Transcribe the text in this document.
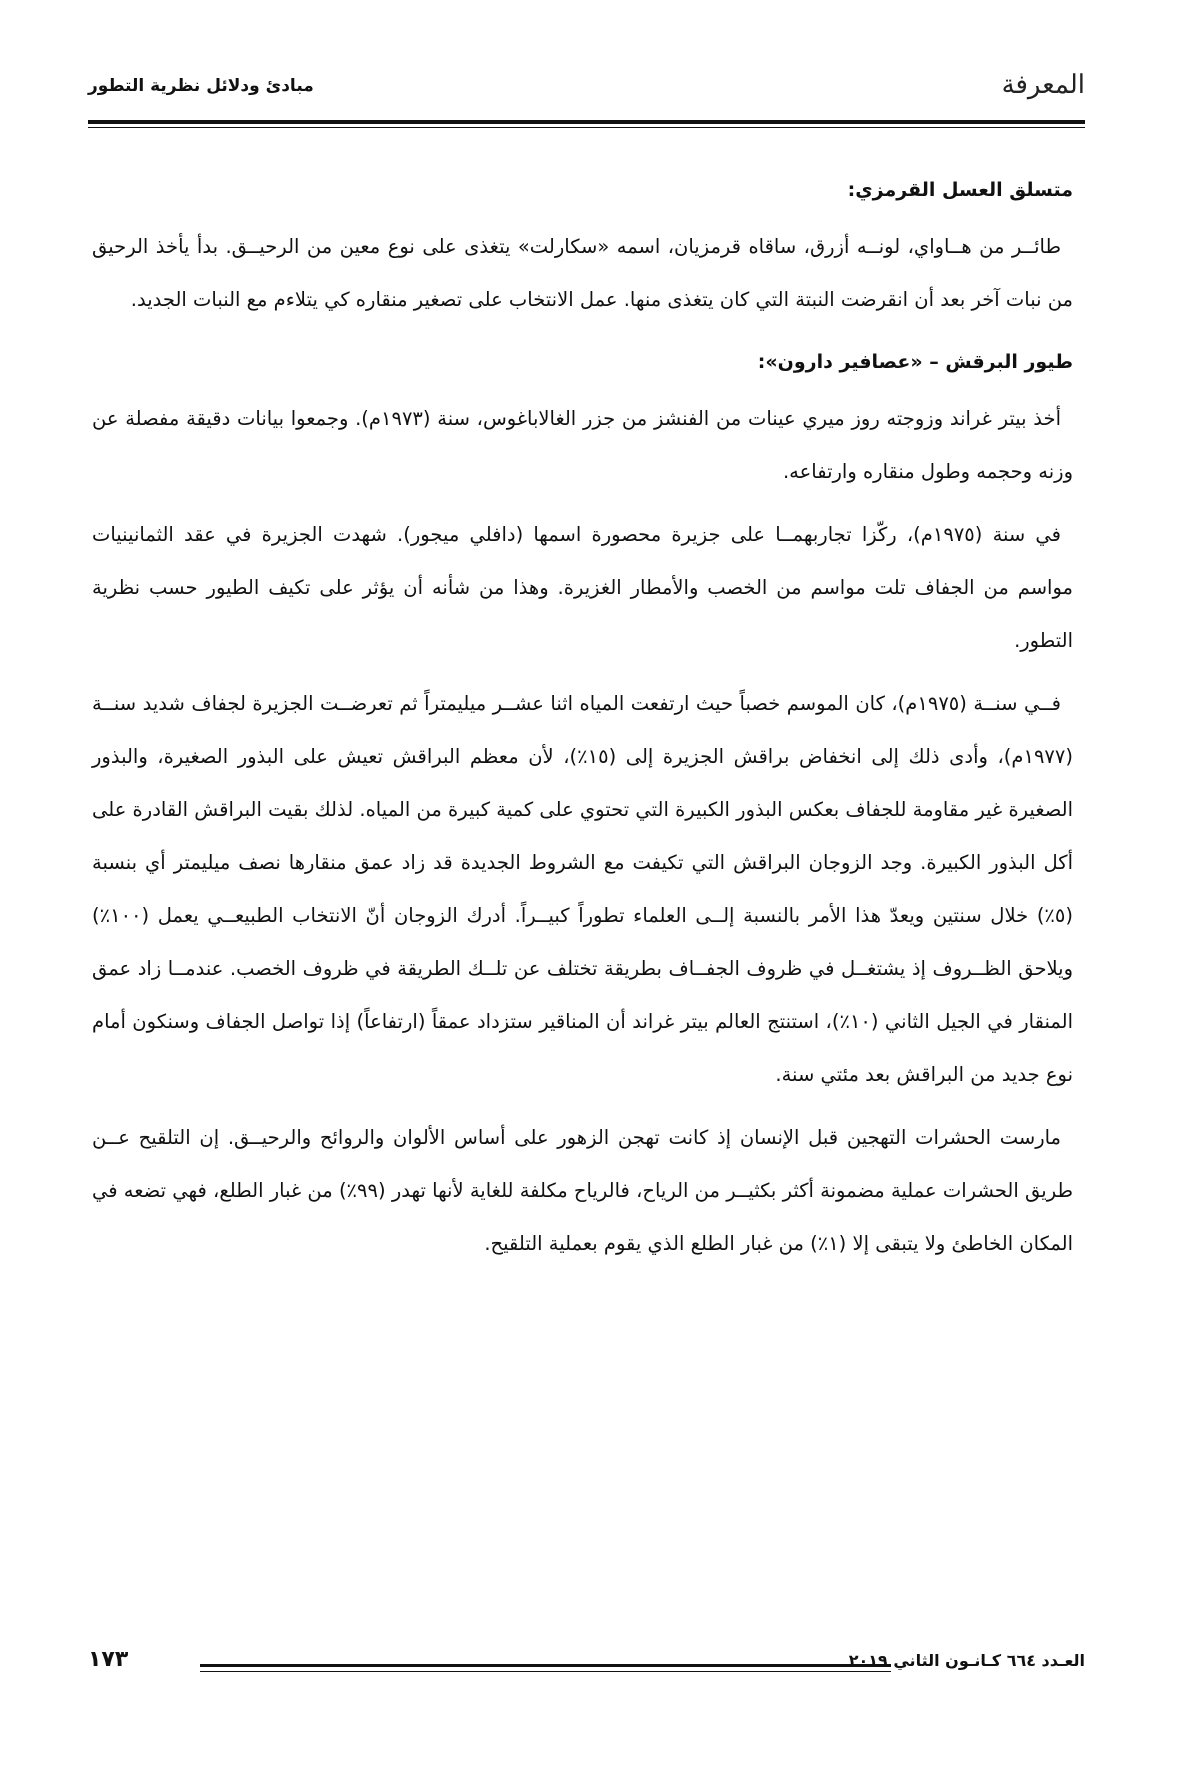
المعرفة
مبادئ ودلائل نظرية التطور
متسلق العسل القرمزي:

طائــر من هــاواي، لونــه أزرق، ساقاه قرمزيان، اسمه «سكارلت» يتغذى على نوع معين من الرحيــق. بدأ يأخذ الرحيق من نبات آخر بعد أن انقرضت النبتة التي كان يتغذى منها. عمل الانتخاب على تصغير منقاره كي يتلاءم مع النبات الجديد.

طيور البرقش – «عصافير دارون»:

أخذ بيتر غراند وزوجته روز ميري عينات من الفنشز من جزر الغالاباغوس، سنة (١٩٧٣م). وجمعوا بيانات دقيقة مفصلة عن وزنه وحجمه وطول منقاره وارتفاعه.

في سنة (١٩٧٥م)، ركّزا تجاربهمــا على جزيرة محصورة اسمها (دافلي ميجور). شهدت الجزيرة في عقد الثمانينيات مواسم من الجفاف تلت مواسم من الخصب والأمطار الغزيرة. وهذا من شأنه أن يؤثر على تكيف الطيور حسب نظرية التطور.

فــي سنــة (١٩٧٥م)، كان الموسم خصباً حيث ارتفعت المياه اثنا عشــر ميليمتراً ثم تعرضــت الجزيرة لجفاف شديد سنــة (١٩٧٧م)، وأدى ذلك إلى انخفاض براقش الجزيرة إلى (١٥٪)، لأن معظم البراقش تعيش على البذور الصغيرة، والبذور الصغيرة غير مقاومة للجفاف بعكس البذور الكبيرة التي تحتوي على كمية كبيرة من المياه. لذلك بقيت البراقش القادرة على أكل البذور الكبيرة. وجد الزوجان البراقش التي تكيفت مع الشروط الجديدة قد زاد عمق منقارها نصف ميليمتر أي بنسبة (٥٪) خلال سنتين ويعدّ هذا الأمر بالنسبة إلــى العلماء تطوراً كبيــراً. أدرك الزوجان أنّ الانتخاب الطبيعــي يعمل (١٠٠٪) ويلاحق الظــروف إذ يشتغــل في ظروف الجفــاف بطريقة تختلف عن تلــك الطريقة في ظروف الخصب. عندمــا زاد عمق المنقار في الجيل الثاني (١٠٪)، استنتج العالم بيتر غراند أن المناقير ستزداد عمقاً (ارتفاعاً) إذا تواصل الجفاف وسنكون أمام نوع جديد من البراقش بعد مئتي سنة.

مارست الحشرات التهجين قبل الإنسان إذ كانت تهجن الزهور على أساس الألوان والروائح والرحيــق. إن التلقيح عــن طريق الحشرات عملية مضمونة أكثر بكثيــر من الرياح، فالرياح مكلفة للغاية لأنها تهدر (٩٩٪) من غبار الطلع، فهي تضعه في المكان الخاطئ ولا يتبقى إلا (١٪) من غبار الطلع الذي يقوم بعملية التلقيح.

١٧٣	العـدد ٦٦٤ كـانـون الثاني ٢٠١٩
